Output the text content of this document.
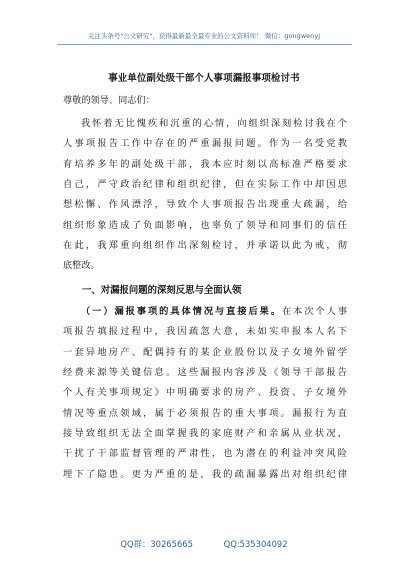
关注头条号"公文研究"，获得最新最全最专业的公文资料库！ 微信：gongwenyj
事业单位副处级干部个人事项漏报事项检讨书
尊敬的领导、同志们：
我怀着无比愧疚和沉重的心情，向组织深刻检讨我在个
人事项报告工作中存在的严重漏报问题。作为一名受党教
育培养多年的副处级干部，我本应时刻以高标准严格要求
自己，严守政治纪律和组织纪律，但在实际工作中却因思
想松懈、作风漂浮，导致个人事项报告出现重大疏漏，给
组织形象造成了负面影响，也辜负了领导和同事们的信任
在此，我郑重向组织作出深刻检讨，并承诺以此为戒，彻
底整改。
一、对漏报问题的深刻反思与全面认领
（一）漏报事项的具体情况与直接后果。在本次个人事
项报告填报过程中，我因疏忽大意，未如实申报本人名下
一套异地房产、配偶持有的某企业股份以及子女境外留学
经费来源等关键信息。这些漏报内容涉及《领导干部报告
个人有关事项规定》中明确要求的房产、投资、子女境外
情况等重点领域，属于必须报告的重大事项。漏报行为直
接导致组织无法全面掌握我的家庭财产和亲属从业状况，
干扰了干部监督管理的严肃性，也为潜在的利益冲突风险
埋下了隐患。更为严重的是，我的疏漏暴露出对组织纪律
QQ群：30265665	QQ:535304092
